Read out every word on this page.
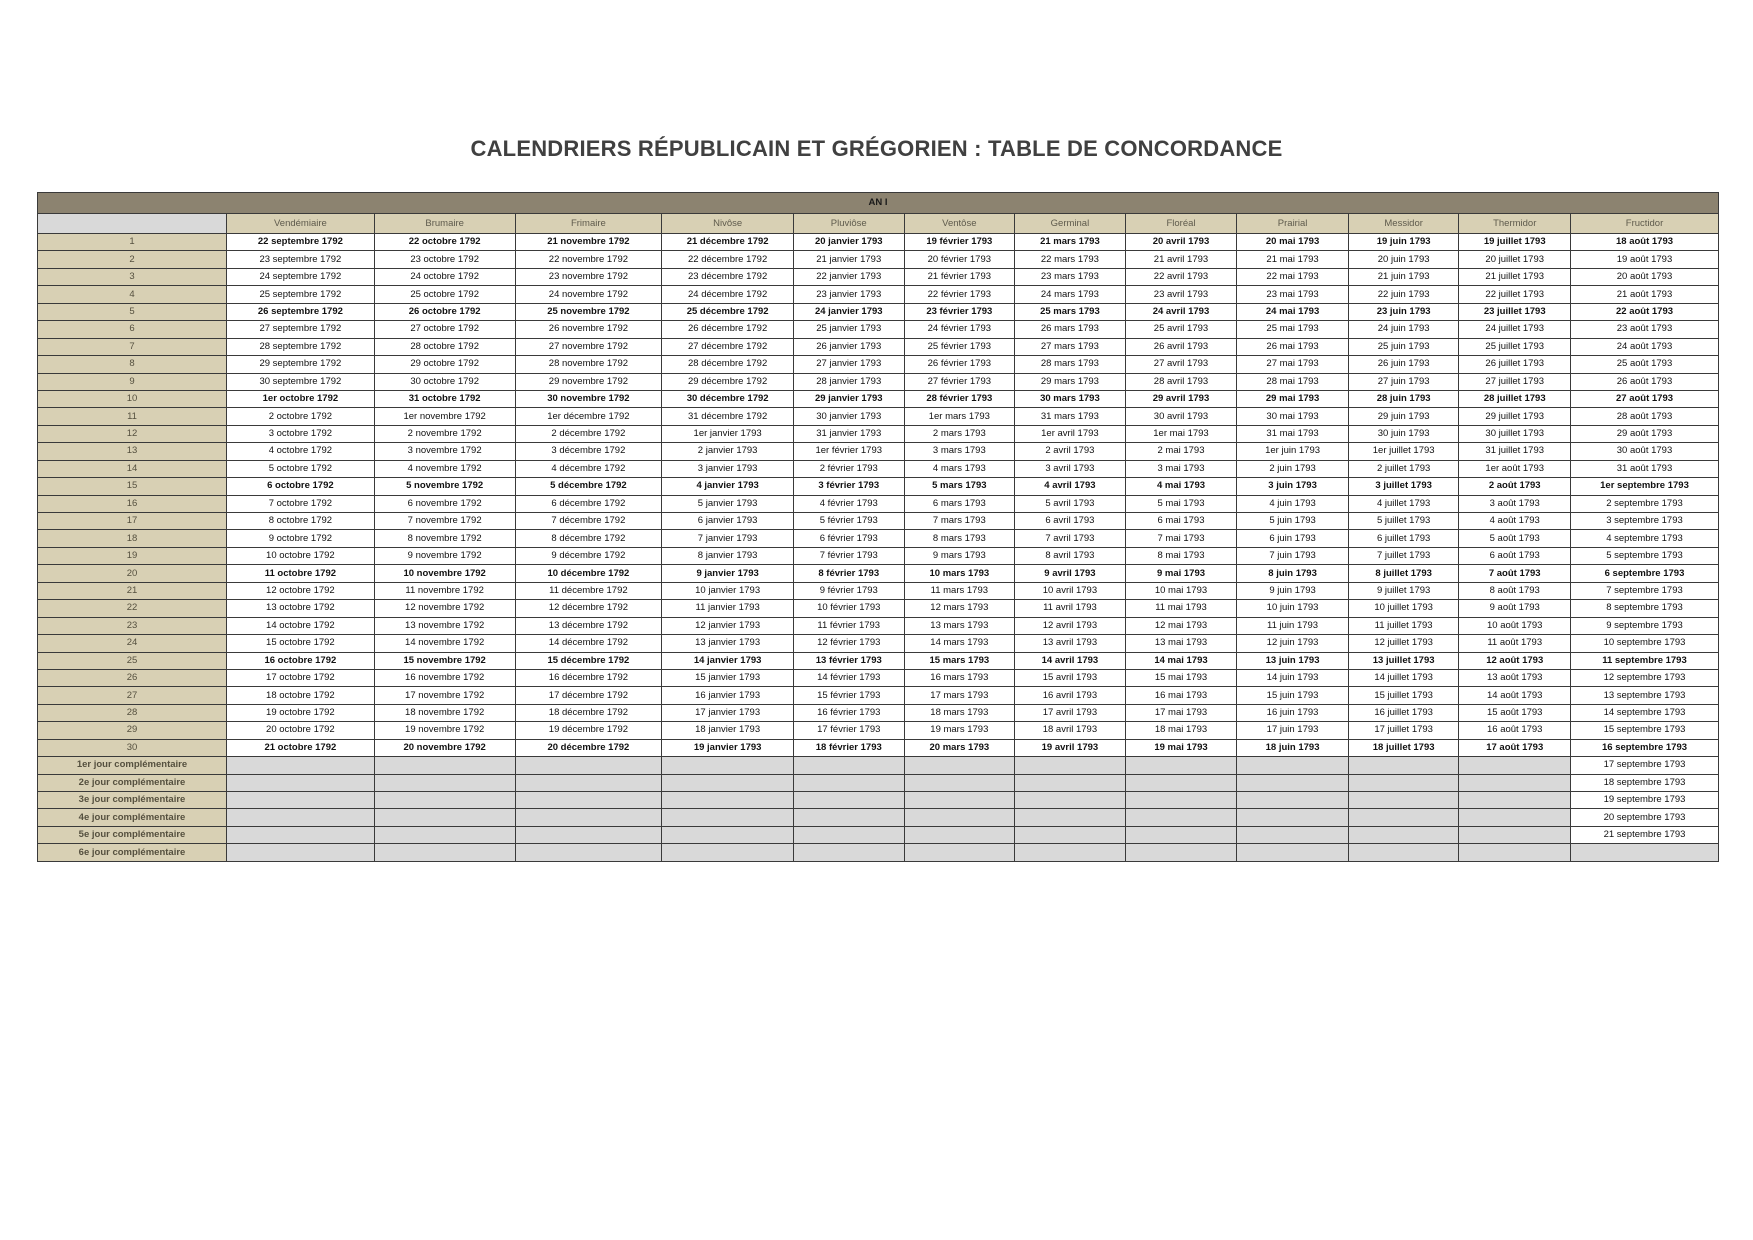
CALENDRIERS RÉPUBLICAIN ET GRÉGORIEN : TABLE DE CONCORDANCE
AN I												
	Vendémiaire	Brumaire	Frimaire	Nivôse	Pluviôse	Ventôse	Germinal	Floréal	Prairial	Messidor	Thermidor	Fructidor
1	22 septembre 1792	22 octobre 1792	21 novembre 1792	21 décembre 1792	20 janvier 1793	19 février 1793	21 mars 1793	20 avril 1793	20 mai 1793	19 juin 1793	19 juillet 1793	18 août 1793
2	23 septembre 1792	23 octobre 1792	22 novembre 1792	22 décembre 1792	21 janvier 1793	20 février 1793	22 mars 1793	21 avril 1793	21 mai 1793	20 juin 1793	20 juillet 1793	19 août 1793
3	24 septembre 1792	24 octobre 1792	23 novembre 1792	23 décembre 1792	22 janvier 1793	21 février 1793	23 mars 1793	22 avril 1793	22 mai 1793	21 juin 1793	21 juillet 1793	20 août 1793
4	25 septembre 1792	25 octobre 1792	24 novembre 1792	24 décembre 1792	23 janvier 1793	22 février 1793	24 mars 1793	23 avril 1793	23 mai 1793	22 juin 1793	22 juillet 1793	21 août 1793
5	26 septembre 1792	26 octobre 1792	25 novembre 1792	25 décembre 1792	24 janvier 1793	23 février 1793	25 mars 1793	24 avril 1793	24 mai 1793	23 juin 1793	23 juillet 1793	22 août 1793
6	27 septembre 1792	27 octobre 1792	26 novembre 1792	26 décembre 1792	25 janvier 1793	24 février 1793	26 mars 1793	25 avril 1793	25 mai 1793	24 juin 1793	24 juillet 1793	23 août 1793
7	28 septembre 1792	28 octobre 1792	27 novembre 1792	27 décembre 1792	26 janvier 1793	25 février 1793	27 mars 1793	26 avril 1793	26 mai 1793	25 juin 1793	25 juillet 1793	24 août 1793
8	29 septembre 1792	29 octobre 1792	28 novembre 1792	28 décembre 1792	27 janvier 1793	26 février 1793	28 mars 1793	27 avril 1793	27 mai 1793	26 juin 1793	26 juillet 1793	25 août 1793
9	30 septembre 1792	30 octobre 1792	29 novembre 1792	29 décembre 1792	28 janvier 1793	27 février 1793	29 mars 1793	28 avril 1793	28 mai 1793	27 juin 1793	27 juillet 1793	26 août 1793
10	1er octobre 1792	31 octobre 1792	30 novembre 1792	30 décembre 1792	29 janvier 1793	28 février 1793	30 mars 1793	29 avril 1793	29 mai 1793	28 juin 1793	28 juillet 1793	27 août 1793
11	2 octobre 1792	1er novembre 1792	1er décembre 1792	31 décembre 1792	30 janvier 1793	1er mars 1793	31 mars 1793	30 avril 1793	30 mai 1793	29 juin 1793	29 juillet 1793	28 août 1793
12	3 octobre 1792	2 novembre 1792	2 décembre 1792	1er janvier 1793	31 janvier 1793	2 mars 1793	1er avril 1793	1er mai 1793	31 mai 1793	30 juin 1793	30 juillet 1793	29 août 1793
13	4 octobre 1792	3 novembre 1792	3 décembre 1792	2 janvier 1793	1er février 1793	3 mars 1793	2 avril 1793	2 mai 1793	1er juin 1793	1er juillet 1793	31 juillet 1793	30 août 1793
14	5 octobre 1792	4 novembre 1792	4 décembre 1792	3 janvier 1793	2 février 1793	4 mars 1793	3 avril 1793	3 mai 1793	2 juin 1793	2 juillet 1793	1er août 1793	31 août 1793
15	6 octobre 1792	5 novembre 1792	5 décembre 1792	4 janvier 1793	3 février 1793	5 mars 1793	4 avril 1793	4 mai 1793	3 juin 1793	3 juillet 1793	2 août 1793	1er septembre 1793
16	7 octobre 1792	6 novembre 1792	6 décembre 1792	5 janvier 1793	4 février 1793	6 mars 1793	5 avril 1793	5 mai 1793	4 juin 1793	4 juillet 1793	3 août 1793	2 septembre 1793
17	8 octobre 1792	7 novembre 1792	7 décembre 1792	6 janvier 1793	5 février 1793	7 mars 1793	6 avril 1793	6 mai 1793	5 juin 1793	5 juillet 1793	4 août 1793	3 septembre 1793
18	9 octobre 1792	8 novembre 1792	8 décembre 1792	7 janvier 1793	6 février 1793	8 mars 1793	7 avril 1793	7 mai 1793	6 juin 1793	6 juillet 1793	5 août 1793	4 septembre 1793
19	10 octobre 1792	9 novembre 1792	9 décembre 1792	8 janvier 1793	7 février 1793	9 mars 1793	8 avril 1793	8 mai 1793	7 juin 1793	7 juillet 1793	6 août 1793	5 septembre 1793
20	11 octobre 1792	10 novembre 1792	10 décembre 1792	9 janvier 1793	8 février 1793	10 mars 1793	9 avril 1793	9 mai 1793	8 juin 1793	8 juillet 1793	7 août 1793	6 septembre 1793
21	12 octobre 1792	11 novembre 1792	11 décembre 1792	10 janvier 1793	9 février 1793	11 mars 1793	10 avril 1793	10 mai 1793	9 juin 1793	9 juillet 1793	8 août 1793	7 septembre 1793
22	13 octobre 1792	12 novembre 1792	12 décembre 1792	11 janvier 1793	10 février 1793	12 mars 1793	11 avril 1793	11 mai 1793	10 juin 1793	10 juillet 1793	9 août 1793	8 septembre 1793
23	14 octobre 1792	13 novembre 1792	13 décembre 1792	12 janvier 1793	11 février 1793	13 mars 1793	12 avril 1793	12 mai 1793	11 juin 1793	11 juillet 1793	10 août 1793	9 septembre 1793
24	15 octobre 1792	14 novembre 1792	14 décembre 1792	13 janvier 1793	12 février 1793	14 mars 1793	13 avril 1793	13 mai 1793	12 juin 1793	12 juillet 1793	11 août 1793	10 septembre 1793
25	16 octobre 1792	15 novembre 1792	15 décembre 1792	14 janvier 1793	13 février 1793	15 mars 1793	14 avril 1793	14 mai 1793	13 juin 1793	13 juillet 1793	12 août 1793	11 septembre 1793
26	17 octobre 1792	16 novembre 1792	16 décembre 1792	15 janvier 1793	14 février 1793	16 mars 1793	15 avril 1793	15 mai 1793	14 juin 1793	14 juillet 1793	13 août 1793	12 septembre 1793
27	18 octobre 1792	17 novembre 1792	17 décembre 1792	16 janvier 1793	15 février 1793	17 mars 1793	16 avril 1793	16 mai 1793	15 juin 1793	15 juillet 1793	14 août 1793	13 septembre 1793
28	19 octobre 1792	18 novembre 1792	18 décembre 1792	17 janvier 1793	16 février 1793	18 mars 1793	17 avril 1793	17 mai 1793	16 juin 1793	16 juillet 1793	15 août 1793	14 septembre 1793
29	20 octobre 1792	19 novembre 1792	19 décembre 1792	18 janvier 1793	17 février 1793	19 mars 1793	18 avril 1793	18 mai 1793	17 juin 1793	17 juillet 1793	16 août 1793	15 septembre 1793
30	21 octobre 1792	20 novembre 1792	20 décembre 1792	19 janvier 1793	18 février 1793	20 mars 1793	19 avril 1793	19 mai 1793	18 juin 1793	18 juillet 1793	17 août 1793	16 septembre 1793
1er jour complémentaire												17 septembre 1793
2e jour complémentaire												18 septembre 1793
3e jour complémentaire												19 septembre 1793
4e jour complémentaire												20 septembre 1793
5e jour complémentaire												21 septembre 1793
6e jour complémentaire												
